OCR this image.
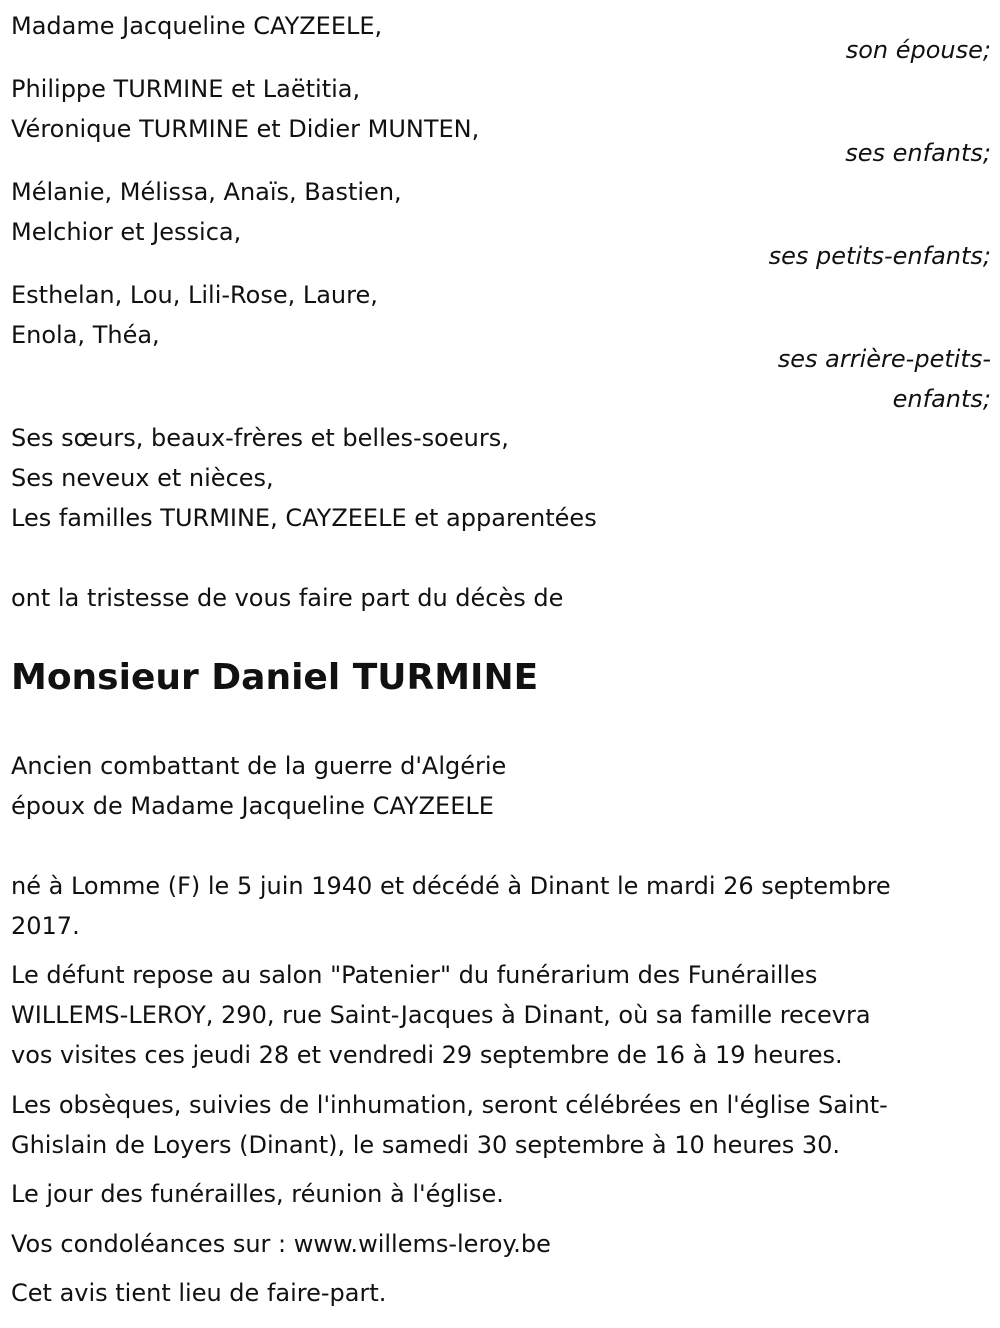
Madame Jacqueline CAYZEELE,
son épouse;
Philippe TURMINE et Laëtitia,
Véronique TURMINE et Didier MUNTEN,
ses enfants;
Mélanie, Mélissa, Anaïs, Bastien,
Melchior et Jessica,
ses petits-enfants;
Esthelan, Lou, Lili-Rose, Laure,
Enola, Théa,
ses arrière-petits-
enfants;
Ses sœurs, beaux-frères et belles-soeurs,
Ses neveux et nièces,
Les familles TURMINE, CAYZEELE et apparentées
ont la tristesse de vous faire part du décès de
Monsieur Daniel TURMINE
Ancien combattant de la guerre d'Algérie
époux de Madame Jacqueline CAYZEELE
né à Lomme (F) le 5 juin 1940 et décédé à Dinant le mardi 26 septembre
2017.
Le défunt repose au salon "Patenier" du funérarium des Funérailles
WILLEMS-LEROY, 290, rue Saint-Jacques à Dinant, où sa famille recevra
vos visites ces jeudi 28 et vendredi 29 septembre de 16 à 19 heures.
Les obsèques, suivies de l'inhumation, seront célébrées en l'église Saint-
Ghislain de Loyers (Dinant), le samedi 30 septembre à 10 heures 30.
Le jour des funérailles, réunion à l'église.
Vos condoléances sur : www.willems-leroy.be
Cet avis tient lieu de faire-part.
